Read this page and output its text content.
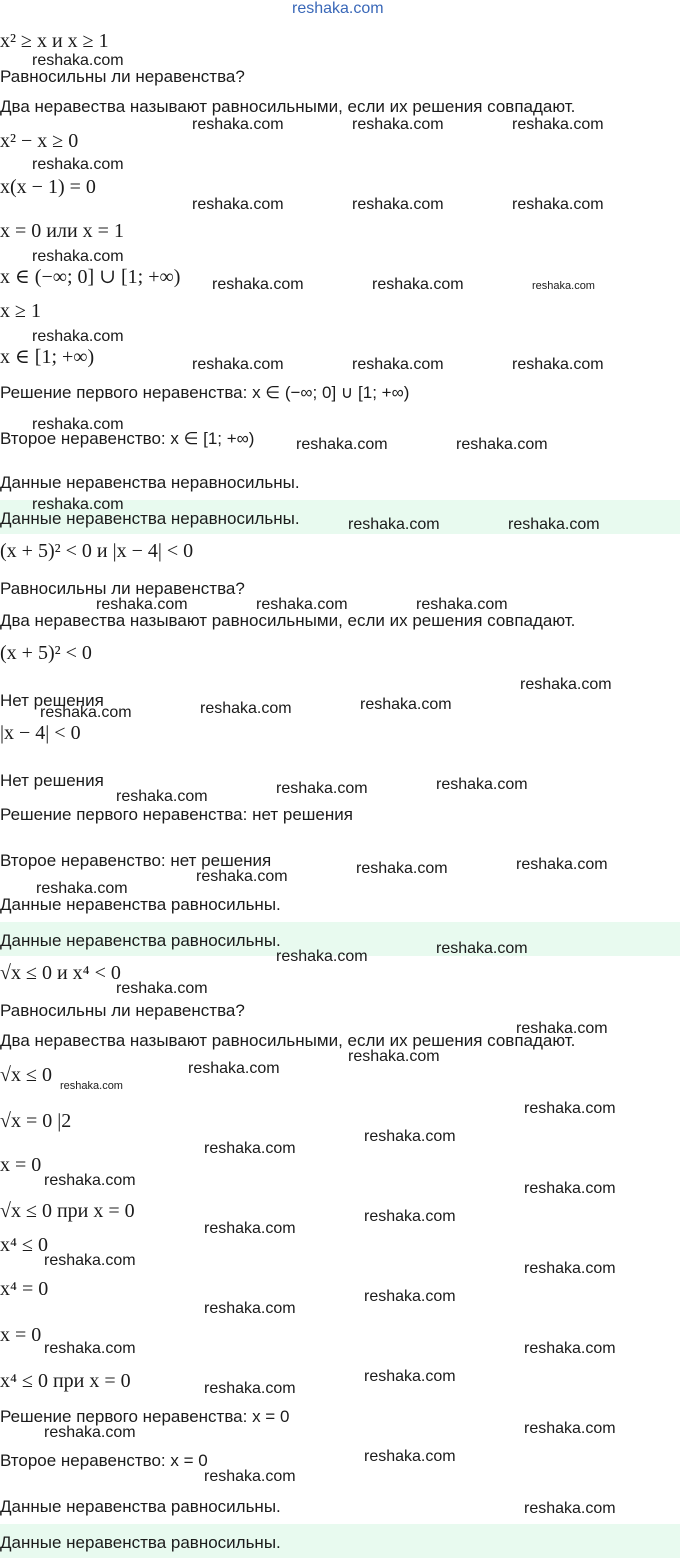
reshaka.com
x² ≥ x и x ≥ 1
Равносильны ли неравенства?
Два неравества называют равносильными, если их решения совпадают.
x² − x ≥ 0
x(x − 1) = 0
x = 0 или x = 1
x ∈ (−∞; 0] ∪ [1; +∞)
x ≥ 1
x ∈ [1; +∞)
Решение первого неравенства: x ∈ (−∞; 0] ∪ [1; +∞)
Второе неравенство: x ∈ [1; +∞)
Данные неравенства неравносильны.
Данные неравенства неравносильны.
(x + 5)² < 0 и |x − 4| < 0
Равносильны ли неравенства?
Два неравества называют равносильными, если их решения совпадают.
(x + 5)² < 0
Нет решения
|x − 4| < 0
Нет решения
Решение первого неравенства: нет решения
Второе неравенство: нет решения
Данные неравенства равносильны.
Данные неравенства равносильны.
√x ≤ 0 и x⁴ < 0
Равносильны ли неравенства?
Два неравества называют равносильными, если их решения совпадают.
√x ≤ 0
√x = 0 |2
x = 0
√x ≤ 0 при x = 0
x⁴ ≤ 0
x⁴ = 0
x = 0
x⁴ ≤ 0 при x = 0
Решение первого неравенства: x = 0
Второе неравенство: x = 0
Данные неравенства равносильны.
Данные неравенства равносильны.
reshaka.com
reshaka.com	reshaka.com	reshaka.com
reshaka.com
reshaka.com	reshaka.com	reshaka.com
reshaka.com
reshaka.com	reshaka.com	reshaka.com
reshaka.com
reshaka.com	reshaka.com	reshaka.com
reshaka.com
reshaka.com	reshaka.com
reshaka.com
reshaka.com	reshaka.com
reshaka.com	reshaka.com	reshaka.com
reshaka.com
reshaka.com	reshaka.com	reshaka.com
reshaka.com
reshaka.com
reshaka.com
reshaka.com
reshaka.com
reshaka.com
reshaka.com
reshaka.com
reshaka.com
reshaka.com
reshaka.com
reshaka.com
reshaka.com
reshaka.com
reshaka.com
reshaka.com
reshaka.com
reshaka.com	reshaka.com
reshaka.com
reshaka.com
reshaka.com	reshaka.com
reshaka.com
reshaka.com
reshaka.com	reshaka.com
reshaka.com
reshaka.com
reshaka.com
reshaka.com
reshaka.com
reshaka.com
reshaka.com
